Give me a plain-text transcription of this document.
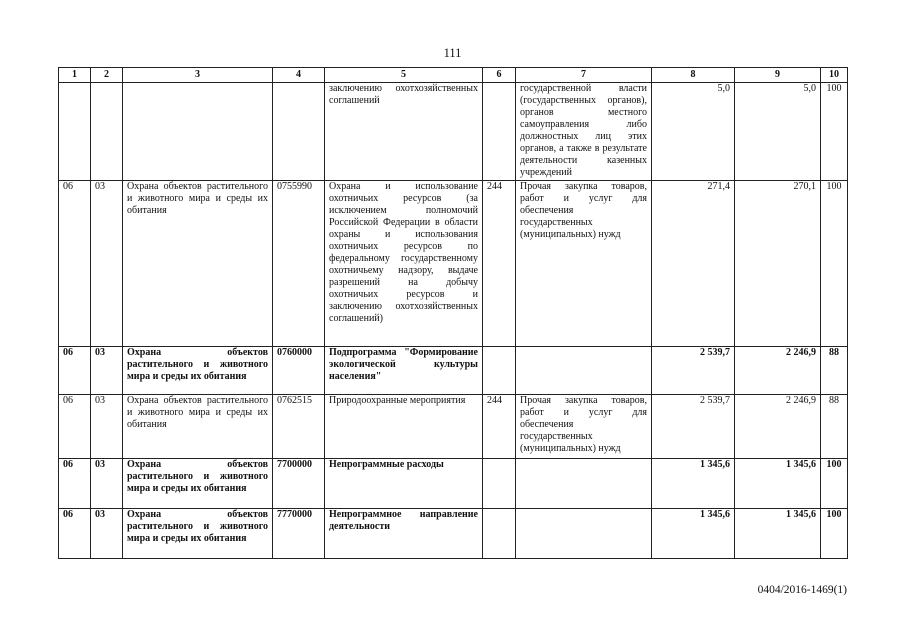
111
1	2	3	4	5	6	7	8	9	10
				заключению охотхозяйственных соглашений		государственной власти (государственных органов), органов местного самоуправления либо должностных лиц этих органов, а также в результате деятельности казенных учреждений	5,0	5,0	100
06	03	Охрана объектов растительного и животного мира и среды их обитания	0755990	Охрана и использование охотничьих ресурсов (за исключением полномочий Российской Федерации в области охраны и использования охотничьих ресурсов по федеральному государственному охотничьему надзору, выдаче разрешений на добычу охотничьих ресурсов и заключению охотхозяйственных соглашений)	244	Прочая закупка товаров, работ и услуг для обеспечения государственных (муниципальных) нужд	271,4	270,1	100
06	03	Охрана объектов растительного и животного мира и среды их обитания	0760000	Подпрограмма "Формирование экологической культуры населения"			2 539,7	2 246,9	88
06	03	Охрана объектов растительного и животного мира и среды их обитания	0762515	Природоохранные мероприятия	244	Прочая закупка товаров, работ и услуг для обеспечения государственных (муниципальных) нужд	2 539,7	2 246,9	88
06	03	Охрана объектов растительного и животного мира и среды их обитания	7700000	Непрограммные расходы			1 345,6	1 345,6	100
06	03	Охрана объектов растительного и животного мира и среды их обитания	7770000	Непрограммное направление деятельности			1 345,6	1 345,6	100
0404/2016-1469(1)
